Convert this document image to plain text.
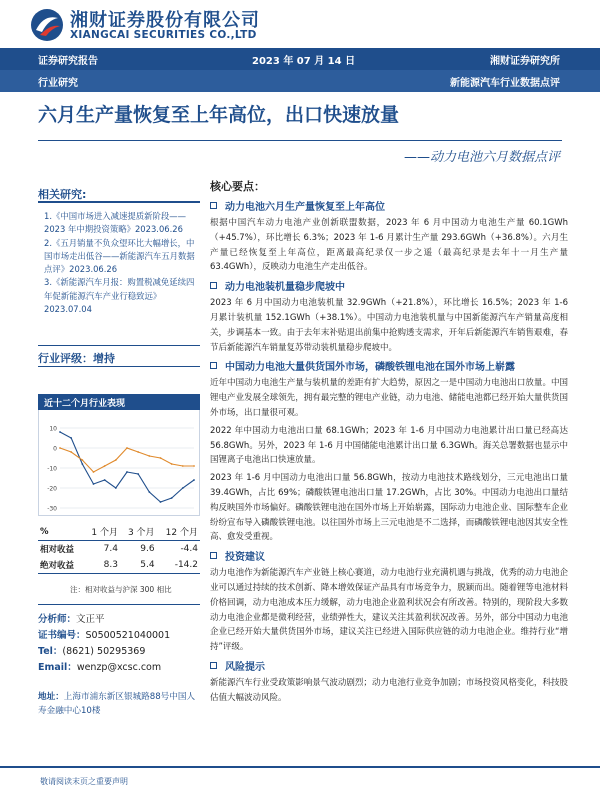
湘财证券股份有限公司
XIANGCAI SECURITIES CO.,LTD
证券研究报告	2023 年 07 月 14 日	湘财证券研究所
行业研究	新能源汽车行业数据点评
六月生产量恢复至上年高位，出口快速放量
——动力电池六月数据点评
相关研究:
1.《中国市场进入减速提质新阶段——2023 年中期投资策略》2023.06.26
2.《五月销量不负众望环比大幅增长，中国市场走出低谷——新能源汽车五月数据点评》2023.06.26
3.《新能源汽车月报：购置税减免延续四年促新能源汽车产业行稳致远》2023.07.04
行业评级：增持
近十二个月行业表现
10
0
-10
-20
-30
%	1 个月	3 个月	12 个月
相对收益	7.4	9.6	-4.4
绝对收益	8.3	5.4	-14.2
注：相对收益与沪深 300 相比
分析师：文正平
证书编号：S0500521040001
Tel：(8621) 50295369
Email：wenzp@xcsc.com
地址：上海市浦东新区银城路88号中国人寿金融中心10楼
核心要点：
动力电池六月生产量恢复至上年高位

根据中国汽车动力电池产业创新联盟数据，2023 年 6 月中国动力电池生产量 60.1GWh（+45.7%），环比增长 6.3%；2023 年 1-6 月累计生产量 293.6GWh（+36.8%）。六月生产量已经恢复至上年高位，距离最高纪录仅一步之遥（最高纪录是去年十一月生产量 63.4GWh），反映动力电池生产走出低谷。

动力电池装机量稳步爬坡中

2023 年 6 月中国动力电池装机量 32.9GWh（+21.8%），环比增长 16.5%；2023 年 1-6 月累计装机量 152.1GWh（+38.1%）。中国动力电池装机量与中国新能源汽车产销量高度相关，步调基本一致。由于去年末补贴退出前集中抢购透支需求，开年后新能源汽车销售艰难，春节后新能源汽车销量复苏带动装机量稳步爬坡中。

中国动力电池大量供货国外市场，磷酸铁锂电池在国外市场上崭露

近年中国动力电池生产量与装机量的差距有扩大趋势，原因之一是中国动力电池出口放量。中国锂电产业发展全球领先，拥有最完整的锂电产业链，动力电池、储能电池都已经开始大量供货国外市场，出口量很可观。

2022 年中国动力电池出口量 68.1GWh；2023 年 1-6 月中国动力电池累计出口量已经高达 56.8GWh。另外，2023 年 1-6 月中国储能电池累计出口量 6.3GWh。海关总署数据也显示中国锂离子电池出口快速放量。

2023 年 1-6 月中国动力电池出口量 56.8GWh，按动力电池技术路线划分，三元电池出口量 39.4GWh，占比 69%；磷酸铁锂电池出口量 17.2GWh，占比 30%。中国动力电池出口量结构反映国外市场偏好。磷酸铁锂电池在国外市场上开始崭露，国际动力电池企业、国际整车企业纷纷宣布导入磷酸铁锂电池。以往国外市场上三元电池是不二选择，而磷酸铁锂电池因其安全性高、愈发受重视。

投资建议

动力电池作为新能源汽车产业链上核心赛道，动力电池行业充满机遇与挑战，优秀的动力电池企业可以通过持续的技术创新、降本增效保证产品具有市场竞争力，脱颖而出。随着锂等电池材料价格回调，动力电池成本压力缓解，动力电池企业盈利状况会有所改善。特别的，现阶段大多数动力电池企业都是微利经营，业绩弹性大，建议关注其盈利状况改善。另外，部分中国动力电池企业已经开始大量供货国外市场，建议关注已经进入国际供应链的动力电池企业。维持行业“增持”评级。

风险提示

新能源汽车行业受政策影响景气波动剧烈；动力电池行业竞争加剧；市场投资风格变化，科技股估值大幅波动风险。

敬请阅读末页之重要声明
